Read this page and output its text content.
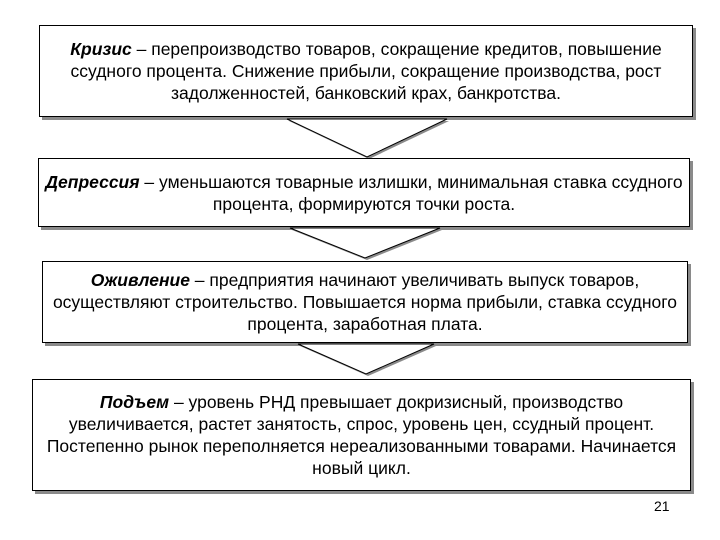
Кризис – перепроизводство товаров, сокращение кредитов, повышение ссудного процента. Снижение прибыли, сокращение производства, рост задолженностей, банковский крах, банкротства.
Депрессия – уменьшаются товарные излишки, минимальная ставка ссудного процента, формируются точки роста.
Оживление – предприятия начинают увеличивать выпуск товаров, осуществляют строительство. Повышается норма прибыли, ставка ссудного процента, заработная плата.
Подъем – уровень РНД превышает докризисный, производство увеличивается, растет занятость, спрос, уровень цен, ссудный процент. Постепенно рынок переполняется нереализованными товарами. Начинается новый цикл.
21
